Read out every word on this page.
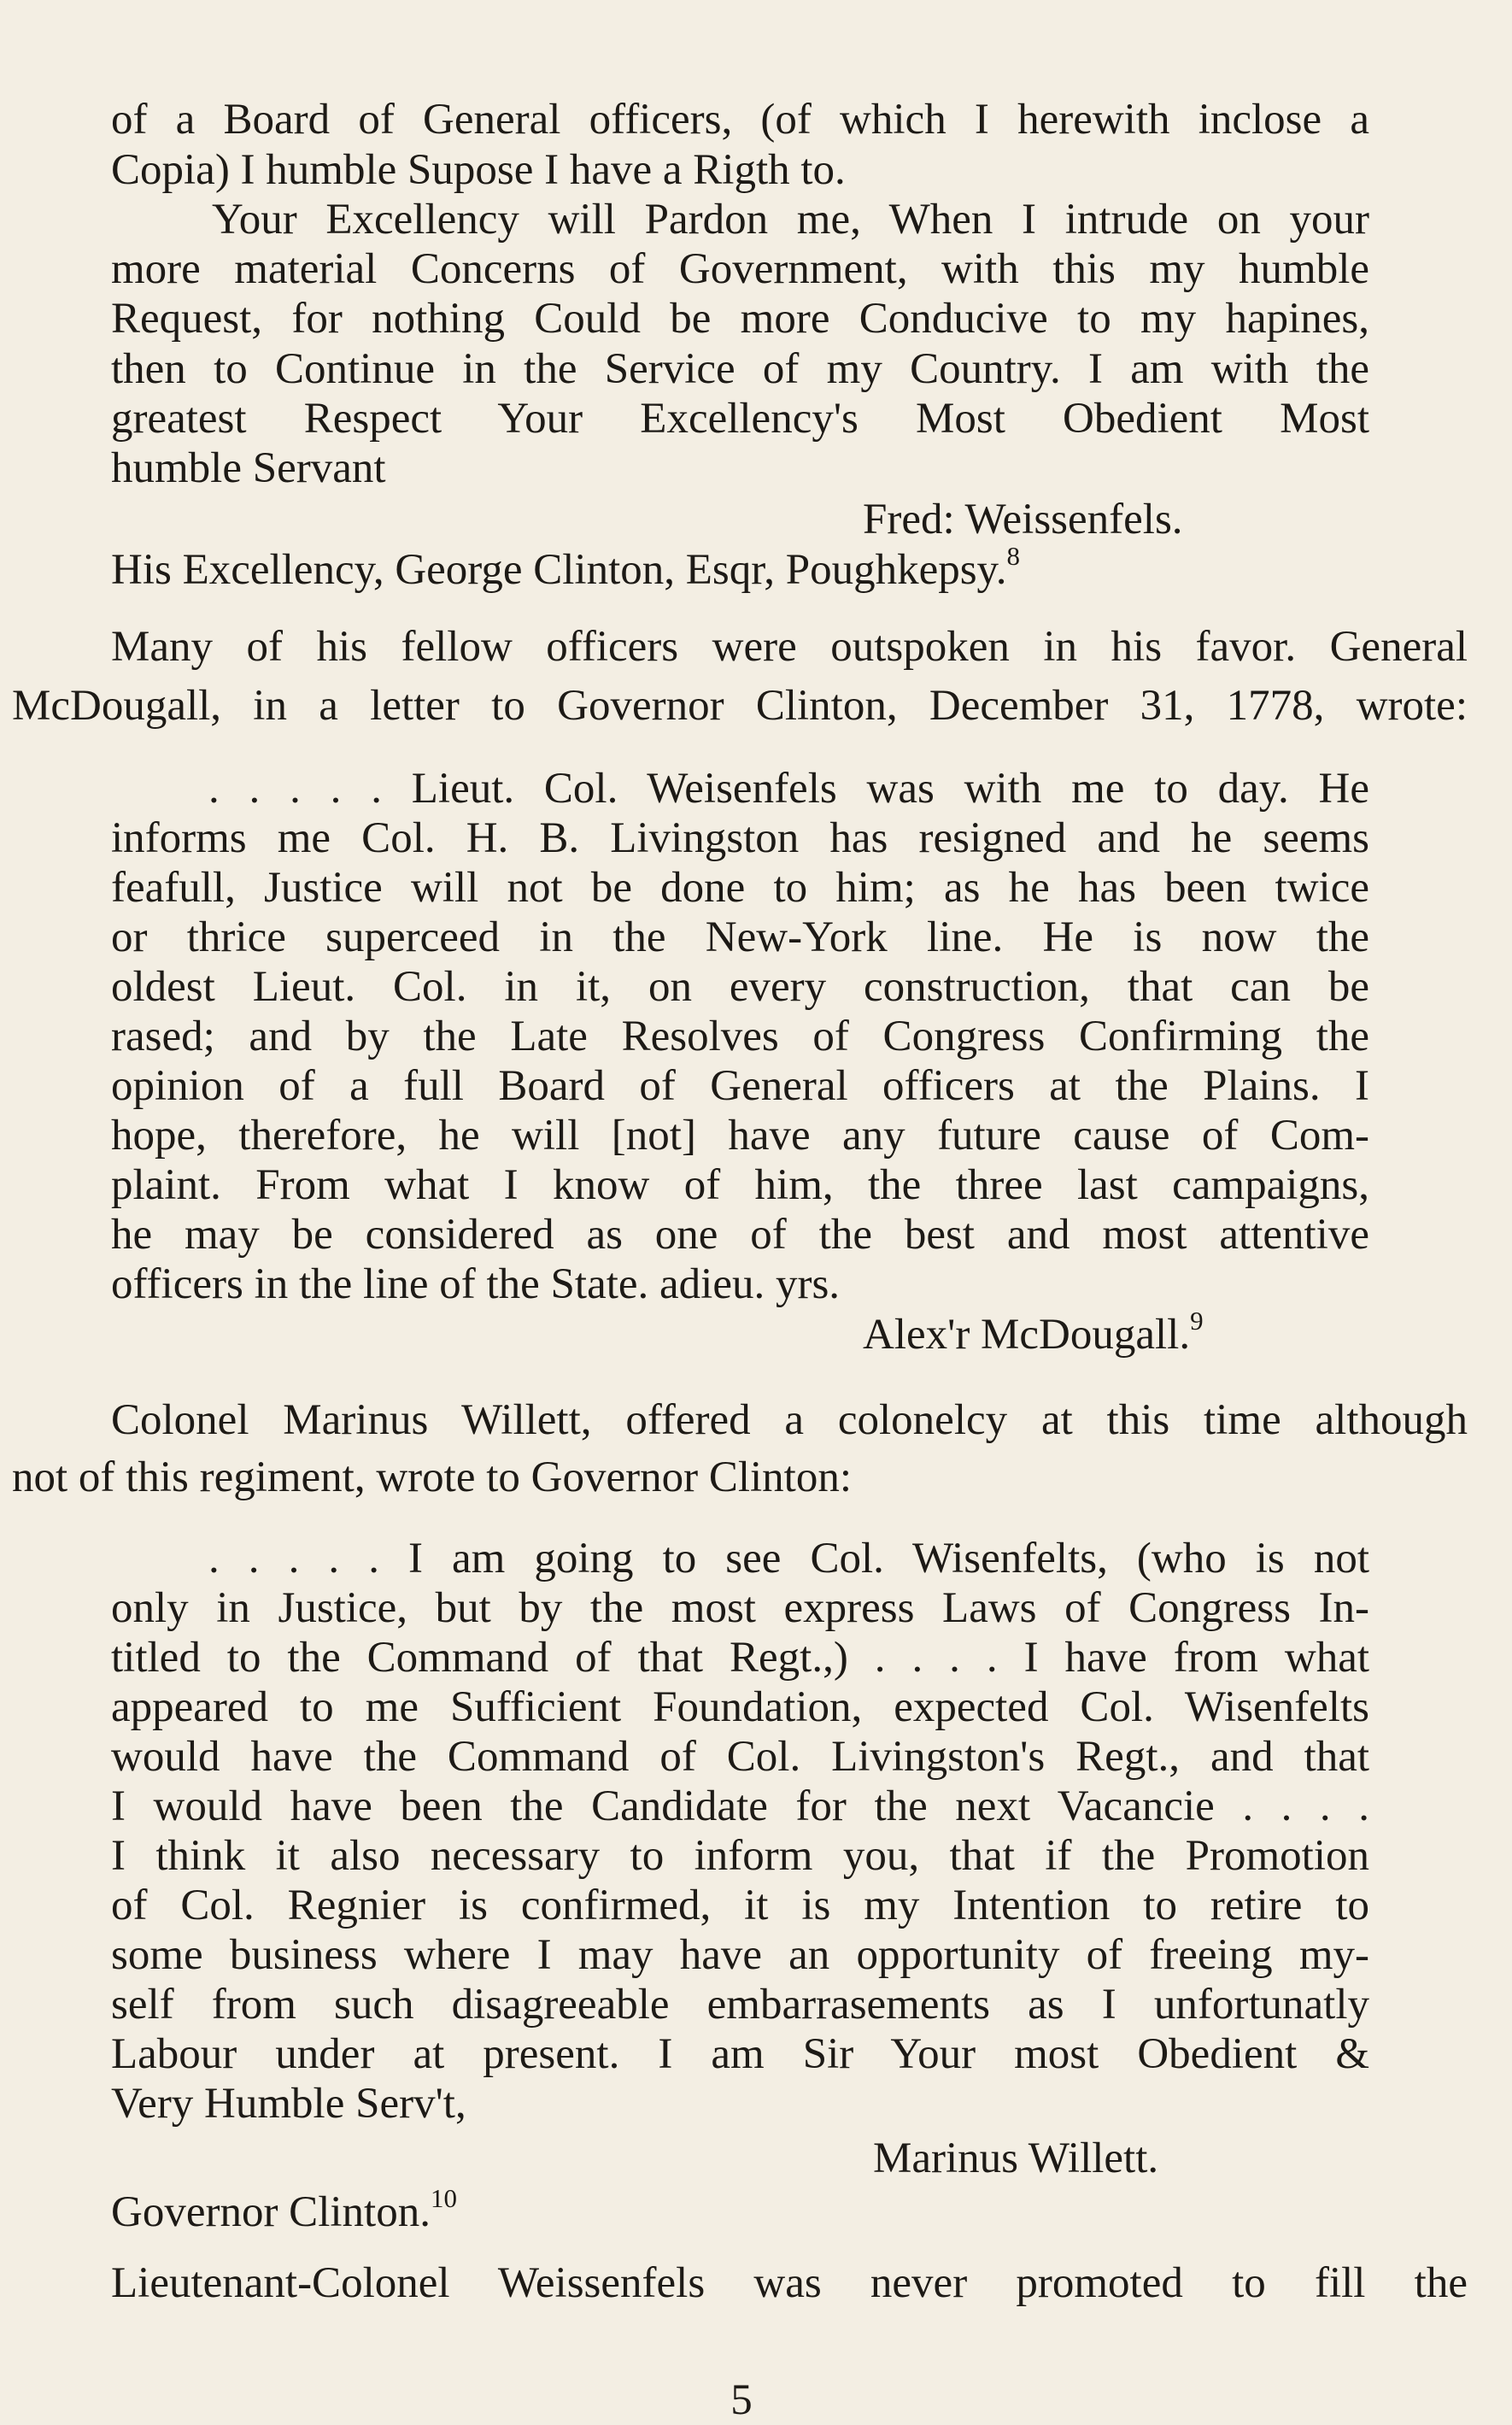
of a Board of General officers, (of which I herewith inclose a

Copia) I humble Supose I have a Rigth to.

Your Excellency will Pardon me, When I intrude on your

more material Concerns of Government, with this my humble

Request, for nothing Could be more Conducive to my hapines,

then to Continue in the Service of my Country. I am with the

greatest Respect Your Excellency's Most Obedient Most

humble Servant

Fred: Weissenfels.

His Excellency, George Clinton, Esqr, Poughkepsy.$^8$

Many of his fellow officers were outspoken in his favor. General

McDougall, in a letter to Governor Clinton, December 31, 1778, wrote:

. . . . . Lieut. Col. Weisenfels was with me to day. He

informs me Col. H. B. Livingston has resigned and he seems

feafull, Justice will not be done to him; as he has been twice

or thrice superceed in the New-York line. He is now the

oldest Lieut. Col. in it, on every construction, that can be

rased; and by the Late Resolves of Congress Confirming the

opinion of a full Board of General officers at the Plains. I

hope, therefore, he will [not] have any future cause of Com-

plaint. From what I know of him, the three last campaigns,

he may be considered as one of the best and most attentive

officers in the line of the State. adieu. yrs.

Alex'r McDougall.$^9$

Colonel Marinus Willett, offered a colonelcy at this time although

not of this regiment, wrote to Governor Clinton:

. . . . . I am going to see Col. Wisenfelts, (who is not

only in Justice, but by the most express Laws of Congress In-

titled to the Command of that Regt.,) . . . . I have from what

appeared to me Sufficient Foundation, expected Col. Wisenfelts

would have the Command of Col. Livingston's Regt., and that

I would have been the Candidate for the next Vacancie . . . .

I think it also necessary to inform you, that if the Promotion

of Col. Regnier is confirmed, it is my Intention to retire to

some business where I may have an opportunity of freeing my-

self from such disagreeable embarrasements as I unfortunatly

Labour under at present. I am Sir Your most Obedient &

Very Humble Serv't,

Marinus Willett.

Governor Clinton.$^{10}$

Lieutenant-Colonel Weissenfels was never promoted to fill the

5
